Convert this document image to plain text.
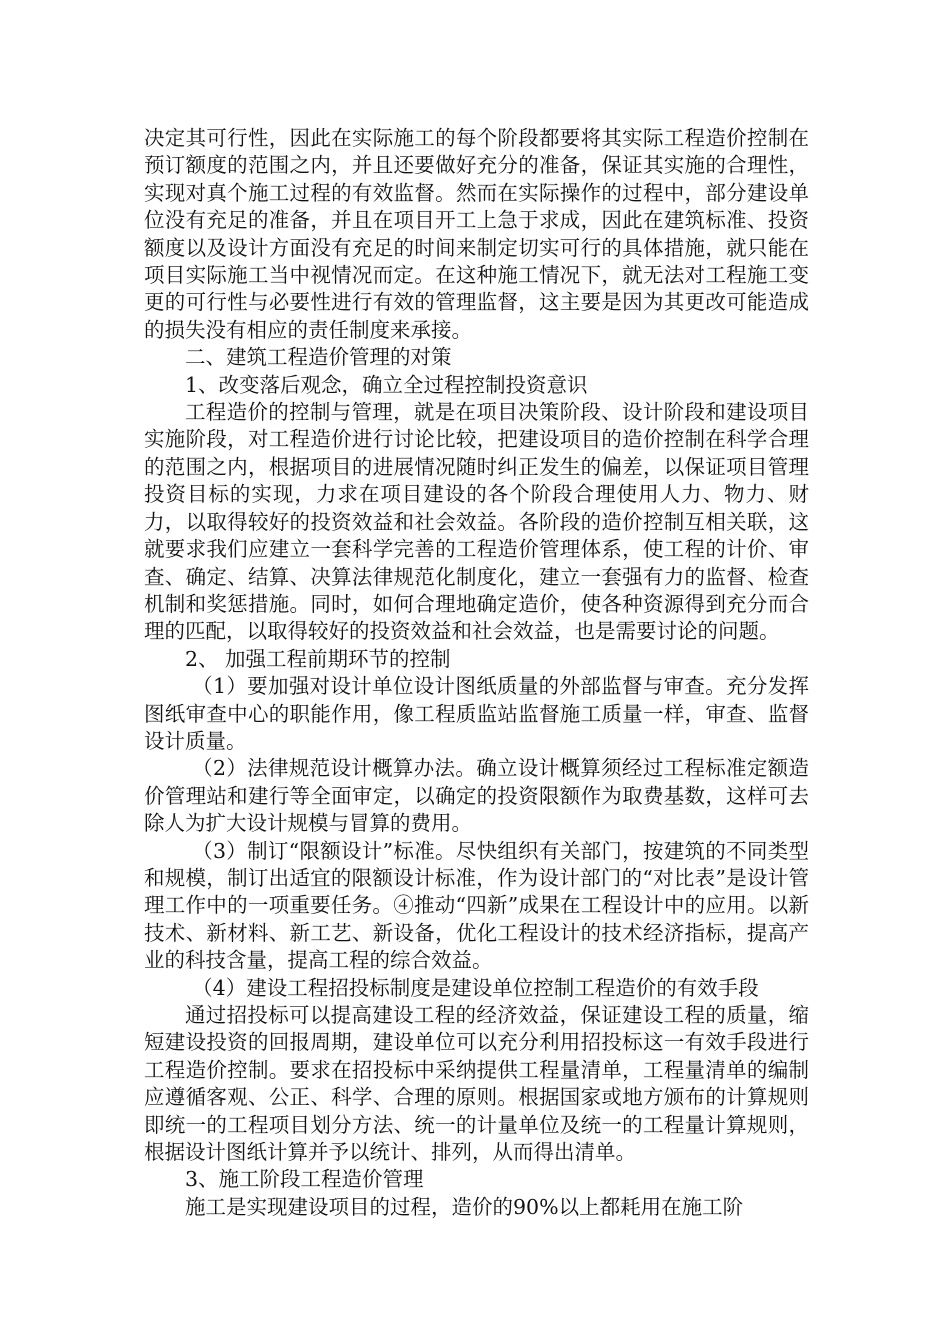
决定其可行性，因此在实际施工的每个阶段都要将其实际工程造价控制在预订额度的范围之内，并且还要做好充分的准备，保证其实施的合理性，实现对真个施工过程的有效监督。然而在实际操作的过程中，部分建设单位没有充足的准备，并且在项目开工上急于求成，因此在建筑标准、投资额度以及设计方面没有充足的时间来制定切实可行的具体措施，就只能在项目实际施工当中视情况而定。在这种施工情况下，就无法对工程施工变更的可行性与必要性进行有效的管理监督，这主要是因为其更改可能造成的损失没有相应的责任制度来承接。

二、建筑工程造价管理的对策

1、改变落后观念，确立全过程控制投资意识

工程造价的控制与管理，就是在项目决策阶段、设计阶段和建设项目实施阶段，对工程造价进行讨论比较，把建设项目的造价控制在科学合理的范围之内，根据项目的进展情况随时纠正发生的偏差，以保证项目管理投资目标的实现，力求在项目建设的各个阶段合理使用人力、物力、财力，以取得较好的投资效益和社会效益。各阶段的造价控制互相关联，这就要求我们应建立一套科学完善的工程造价管理体系，使工程的计价、审查、确定、结算、决算法律规范化制度化，建立一套强有力的监督、检查机制和奖惩措施。同时，如何合理地确定造价，使各种资源得到充分而合理的匹配，以取得较好的投资效益和社会效益，也是需要讨论的问题。

2、 加强工程前期环节的控制

（1）要加强对设计单位设计图纸质量的外部监督与审查。充分发挥图纸审查中心的职能作用，像工程质监站监督施工质量一样，审查、监督设计质量。

（2）法律规范设计概算办法。确立设计概算须经过工程标准定额造价管理站和建行等全面审定，以确定的投资限额作为取费基数，这样可去除人为扩大设计规模与冒算的费用。

（3）制订“限额设计”标准。尽快组织有关部门，按建筑的不同类型和规模，制订出适宜的限额设计标准，作为设计部门的“对比表”是设计管理工作中的一项重要任务。④推动“四新”成果在工程设计中的应用。以新技术、新材料、新工艺、新设备，优化工程设计的技术经济指标，提高产业的科技含量，提高工程的综合效益。

（4）建设工程招投标制度是建设单位控制工程造价的有效手段

通过招投标可以提高建设工程的经济效益，保证建设工程的质量，缩短建设投资的回报周期，建设单位可以充分利用招投标这一有效手段进行工程造价控制。要求在招投标中采纳提供工程量清单，工程量清单的编制应遵循客观、公正、科学、合理的原则。根据国家或地方颁布的计算规则即统一的工程项目划分方法、统一的计量单位及统一的工程量计算规则，根据设计图纸计算并予以统计、排列，从而得出清单。

3、施工阶段工程造价管理

施工是实现建设项目的过程，造价的90%以上都耗用在施工阶
